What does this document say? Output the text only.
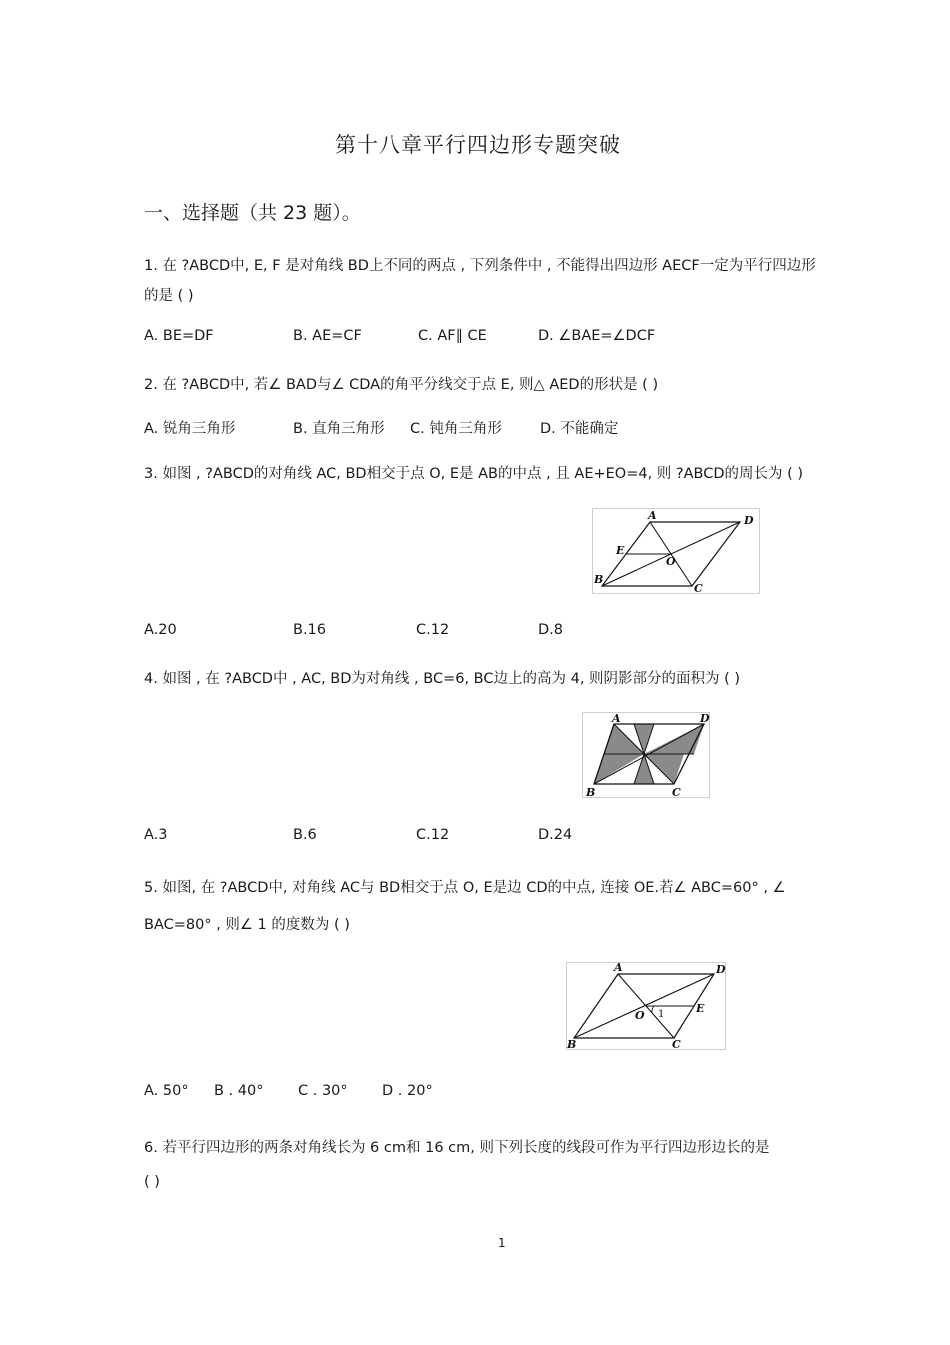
第十八章平行四边形专题突破
一、选择题（共 23 题）。
1. 在 ?ABCD中, E, F 是对角线 BD上不同的两点 , 下列条件中 , 不能得出四边形 AECF一定为平行四边形
的是 ( )
A. BE=DF	B. AE=CF	C. AF∥ CE	D. ∠BAE=∠DCF
2. 在 ?ABCD中, 若∠ BAD与∠ CDA的角平分线交于点 E, 则△ AED的形状是 ( )
A. 锐角三角形	B. 直角三角形 C. 钝角三角形	D. 不能确定
3. 如图 , ?ABCD的对角线 AC, BD相交于点 O, E是 AB的中点 , 且 AE+EO=4, 则 ?ABCD的周长为 ( )
A	D
E
O
B
C
A.20	B.16	C.12	D.8
4. 如图 , 在 ?ABCD中 , AC, BD为对角线 , BC=6, BC边上的高为 4, 则阴影部分的面积为 ( )
A	D
B	C
A.3	B.6	C.12	D.24
5. 如图, 在 ?ABCD中, 对角线 AC与 BD相交于点 O, E是边 CD的中点, 连接 OE.若∠ ABC=60° , ∠
BAC=80° , 则∠ 1 的度数为 ( )
A	D
O 1	E
B	C
A. 50° B . 40° C . 30° D . 20°
6. 若平行四边形的两条对角线长为 6 cm和 16 cm, 则下列长度的线段可作为平行四边形边长的是
( )
1
